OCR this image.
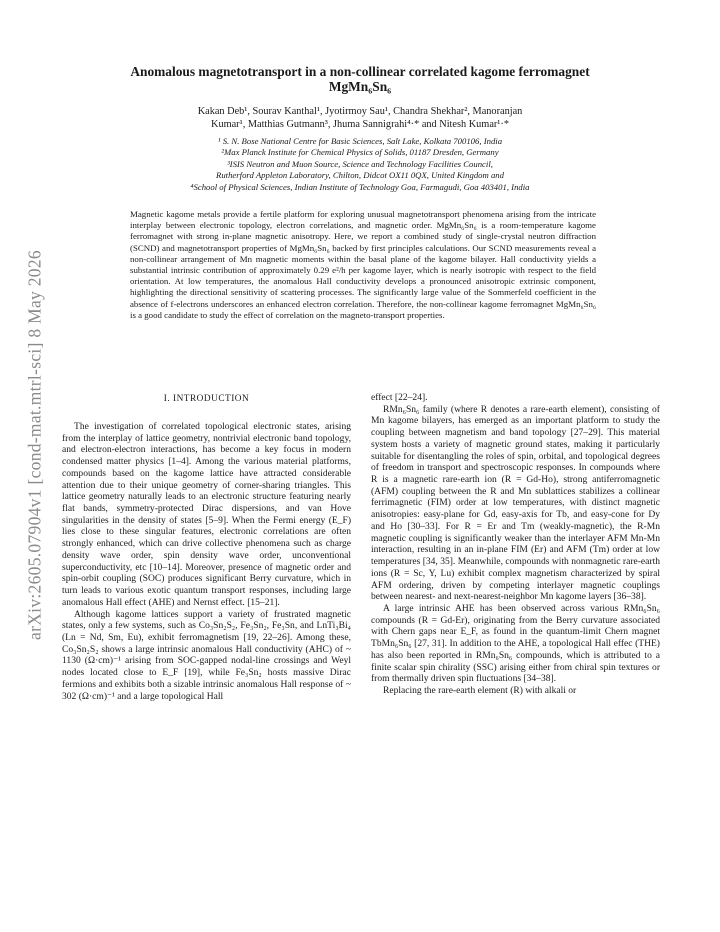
arXiv:2605.07904v1 [cond-mat.mtrl-sci] 8 May 2026
Anomalous magnetotransport in a non-collinear correlated kagome ferromagnet
MgMn₆Sn₆
Kakan Deb¹, Sourav Kanthal¹, Jyotirmoy Sau¹, Chandra Shekhar², Manoranjan
Kumar¹, Matthias Gutmann³, Jhuma Sannigrahi⁴·* and Nitesh Kumar¹·*
¹ S. N. Bose National Centre for Basic Sciences, Salt Lake, Kolkata 700106, India
²Max Planck Institute for Chemical Physics of Solids, 01187 Dresden, Germany
³ISIS Neutron and Muon Source, Science and Technology Facilities Council,
Rutherford Appleton Laboratory, Chilton, Didcot OX11 0QX, United Kingdom and
⁴School of Physical Sciences, Indian Institute of Technology Goa, Farmagudi, Goa 403401, India
Magnetic kagome metals provide a fertile platform for exploring unusual magnetotransport phenomena arising from the intricate interplay between electronic topology, electron correlations, and magnetic order. MgMn₆Sn₆ is a room-temperature kagome ferromagnet with strong in-plane magnetic anisotropy. Here, we report a combined study of single-crystal neutron diffraction (SCND) and magnetotransport properties of MgMn₆Sn₆ backed by first principles calculations. Our SCND measurements reveal a non-collinear arrangement of Mn magnetic moments within the basal plane of the kagome bilayer. Hall conductivity yields a substantial intrinsic contribution of approximately 0.29 e²/h per kagome layer, which is nearly isotropic with respect to the field orientation. At low temperatures, the anomalous Hall conductivity develops a pronounced anisotropic extrinsic component, highlighting the directional sensitivity of scattering processes. The significantly large value of the Sommerfeld coefficient in the absence of f-electrons underscores an enhanced electron correlation. Therefore, the non-collinear kagome ferromagnet MgMn₆Sn₆ is a good candidate to study the effect of correlation on the magneto-transport properties.
I. INTRODUCTION

The investigation of correlated topological electronic states, arising from the interplay of lattice geometry, nontrivial electronic band topology, and electron-electron interactions, has become a key focus in modern condensed matter physics [1–4]. Among the various material platforms, compounds based on the kagome lattice have attracted considerable attention due to their unique geometry of corner-sharing triangles. This lattice geometry naturally leads to an electronic structure featuring nearly flat bands, symmetry-protected Dirac dispersions, and van Hove singularities in the density of states [5–9]. When the Fermi energy (E_F) lies close to these singular features, electronic correlations are often strongly enhanced, which can drive collective phenomena such as charge density wave order, spin density wave order, unconventional superconductivity, etc [10–14]. Moreover, presence of magnetic order and spin-orbit coupling (SOC) produces significant Berry curvature, which in turn leads to various exotic quantum transport responses, including large anomalous Hall effect (AHE) and Nernst effect. [15–21].

Although kagome lattices support a variety of frustrated magnetic states, only a few systems, such as Co₃Sn₂S₂, Fe₃Sn₂, Fe₃Sn, and LnTi₃Bi₄ (Ln = Nd, Sm, Eu), exhibit ferromagnetism [19, 22–26]. Among these, Co₃Sn₂S₂ shows a large intrinsic anomalous Hall conductivity (AHC) of ~ 1130 (Ω·cm)⁻¹ arising from SOC-gapped nodal-line crossings and Weyl nodes located close to E_F [19], while Fe₃Sn₂ hosts massive Dirac fermions and exhibits both a sizable intrinsic anomalous Hall response of ~ 302 (Ω·cm)⁻¹ and a large topological Hall

effect [22–24].

RMn₆Sn₆ family (where R denotes a rare-earth element), consisting of Mn kagome bilayers, has emerged as an important platform to study the coupling between magnetism and band topology [27–29]. This material system hosts a variety of magnetic ground states, making it particularly suitable for disentangling the roles of spin, orbital, and topological degrees of freedom in transport and spectroscopic responses. In compounds where R is a magnetic rare-earth ion (R = Gd-Ho), strong antiferromagnetic (AFM) coupling between the R and Mn sublattices stabilizes a collinear ferrimagnetic (FIM) order at low temperatures, with distinct magnetic anisotropies: easy-plane for Gd, easy-axis for Tb, and easy-cone for Dy and Ho [30–33]. For R = Er and Tm (weakly-magnetic), the R-Mn magnetic coupling is significantly weaker than the interlayer AFM Mn-Mn interaction, resulting in an in-plane FIM (Er) and AFM (Tm) order at low temperatures [34, 35]. Meanwhile, compounds with nonmagnetic rare-earth ions (R = Sc, Y, Lu) exhibit complex magnetism characterized by spiral AFM ordering, driven by competing interlayer magnetic couplings between nearest- and next-nearest-neighbor Mn kagome layers [36–38].

A large intrinsic AHE has been observed across various RMn₆Sn₆ compounds (R = Gd-Er), originating from the Berry curvature associated with Chern gaps near E_F, as found in the quantum-limit Chern magnet TbMn₆Sn₆ [27, 31]. In addition to the AHE, a topological Hall effec (THE) has also been reported in RMn₆Sn₆ compounds, which is attributed to a finite scalar spin chirality (SSC) arising either from chiral spin textures or from thermally driven spin fluctuations [34–38].

Replacing the rare-earth element (R) with alkali or
